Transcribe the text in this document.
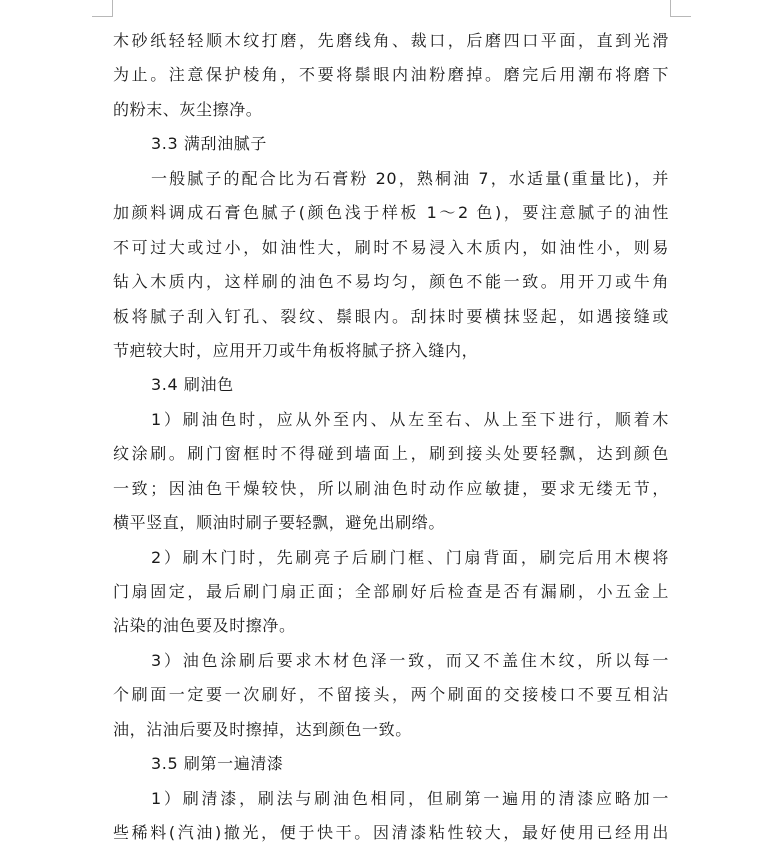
木砂纸轻轻顺木纹打磨，先磨线角、裁口，后磨四口平面，直到光滑
为止。注意保护棱角，不要将鬃眼内油粉磨掉。磨完后用潮布将磨下
的粉末、灰尘擦净。
3.3 满刮油腻子
一般腻子的配合比为石膏粉 20，熟桐油 7，水适量(重量比)，并
加颜料调成石膏色腻子(颜色浅于样板 1～2 色)，要注意腻子的油性
不可过大或过小，如油性大，刷时不易浸入木质内，如油性小，则易
钻入木质内，这样刷的油色不易均匀，颜色不能一致。用开刀或牛角
板将腻子刮入钉孔、裂纹、鬃眼内。刮抹时要横抹竖起，如遇接缝或
节疤较大时，应用开刀或牛角板将腻子挤入缝内，
3.4 刷油色
1）刷油色时，应从外至内、从左至右、从上至下进行，顺着木
纹涂刷。刷门窗框时不得碰到墙面上，刷到接头处要轻飘，达到颜色
一致；因油色干燥较快，所以刷油色时动作应敏捷，要求无缕无节，
横平竖直，顺油时刷子要轻飘，避免出刷绺。
2）刷木门时，先刷亮子后刷门框、门扇背面，刷完后用木楔将
门扇固定，最后刷门扇正面；全部刷好后检查是否有漏刷，小五金上
沾染的油色要及时擦净。
3）油色涂刷后要求木材色泽一致，而又不盖住木纹，所以每一
个刷面一定要一次刷好，不留接头，两个刷面的交接棱口不要互相沾
油，沾油后要及时擦掉，达到颜色一致。
3.5 刷第一遍清漆
1）刷清漆，刷法与刷油色相同，但刷第一遍用的清漆应略加一
些稀料(汽油)撤光，便于快干。因清漆粘性较大，最好使用已经用出
